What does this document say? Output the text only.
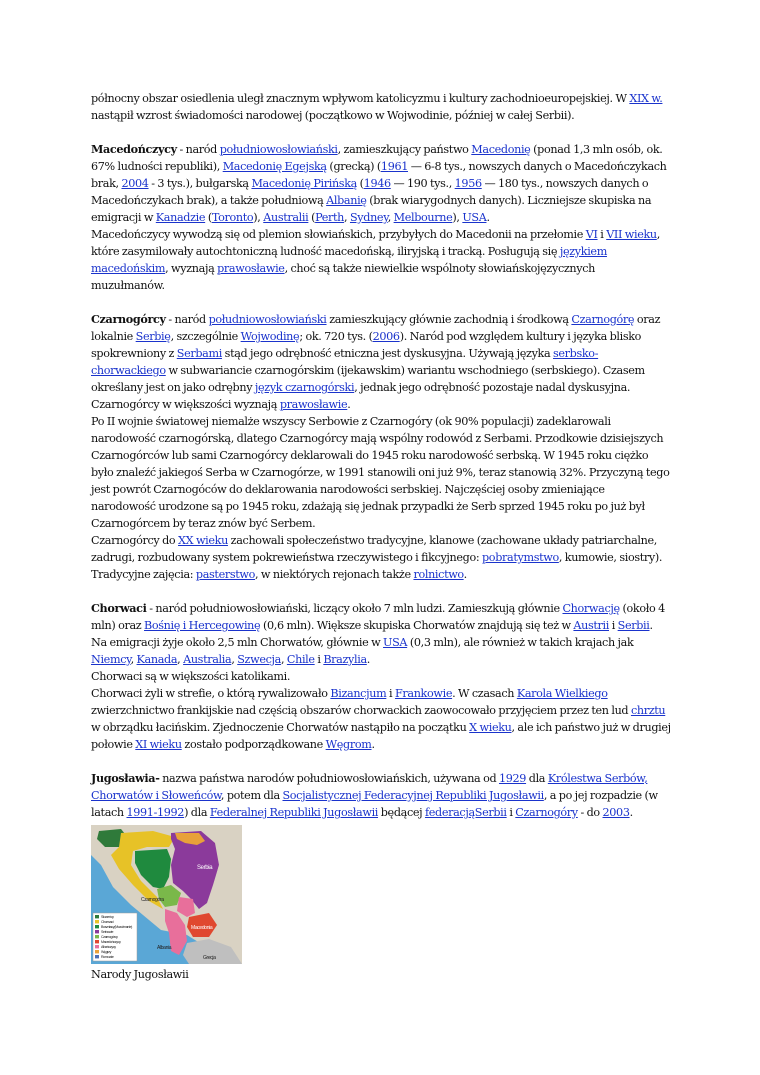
północny obszar osiedlenia uległ znacznym wpływom katolicyzmu i kultury zachodnioeuropejskiej. W XIX w. nastąpił wzrost świadomości narodowej (początkowo w Wojwodinie, później w całej Serbii).

Macedończycy - naród południowosłowiański, zamieszkujący państwo Macedonię (ponad 1,3 mln osób, ok. 67% ludności republiki), Macedonię Egejską (grecką) (1961 — 6-8 tys., nowszych danych o Macedończykach brak, 2004 - 3 tys.), bułgarską Macedonię Pirińską (1946 — 190 tys., 1956 — 180 tys., nowszych danych o Macedończykach brak), a także południową Albanię (brak wiarygodnych danych). Liczniejsze skupiska na emigracji w Kanadzie (Toronto), Australii (Perth, Sydney, Melbourne), USA.

Macedończycy wywodzą się od plemion słowiańskich, przybyłych do Macedonii na przełomie VI i VII wieku, które zasymilowały autochtoniczną ludność macedońską, iliryjską i tracką. Posługują się językiem macedońskim, wyznają prawosławie, choć są także niewielkie wspólnoty słowiańskojęzycznych muzułmanów.

Czarnogórcy - naród południowosłowiański zamieszkujący głównie zachodnią i środkową Czarnogórę oraz lokalnie Serbię, szczególnie Wojwodinę; ok. 720 tys. (2006). Naród pod względem kultury i języka blisko spokrewniony z Serbami stąd jego odrębność etniczna jest dyskusyjna. Używają języka serbsko-chorwackiego w subwariancie czarnogórskim (ijekawskim) wariantu wschodniego (serbskiego). Czasem określany jest on jako odrębny język czarnogórski, jednak jego odrębność pozostaje nadal dyskusyjna. Czarnogórcy w większości wyznają prawosławie.

Po II wojnie światowej niemalże wszyscy Serbowie z Czarnogóry (ok 90% populacji) zadeklarowali narodowość czarnogórską, dlatego Czarnogórcy mają wspólny rodowód z Serbami. Przodkowie dzisiejszych Czarnogórców lub sami Czarnogórcy deklarowali do 1945 roku narodowość serbską. W 1945 roku ciężko było znaleźć jakiegoś Serba w Czarnogórze, w 1991 stanowili oni już 9%, teraz stanowią 32%. Przyczyną tego jest powrót Czarnogóców do deklarowania narodowości serbskiej. Najczęściej osoby zmieniające narodowość urodzone są po 1945 roku, zdażają się jednak przypadki że Serb sprzed 1945 roku po już był Czarnogórcem by teraz znów być Serbem.

Czarnogórcy do XX wieku zachowali społeczeństwo tradycyjne, klanowe (zachowane układy patriarchalne, zadrugi, rozbudowany system pokrewieństwa rzeczywistego i fikcyjnego: pobratymstwo, kumowie, siostry). Tradycyjne zajęcia: pasterstwo, w niektórych rejonach także rolnictwo.

Chorwaci - naród południowosłowiański, liczący około 7 mln ludzi. Zamieszkują głównie Chorwację (około 4 mln) oraz Bośnię i Hercegowinę (0,6 mln). Większe skupiska Chorwatów znajdują się też w Austrii i Serbii. Na emigracji żyje około 2,5 mln Chorwatów, głównie w USA (0,3 mln), ale również w takich krajach jak Niemcy, Kanada, Australia, Szwecja, Chile i Brazylia.

Chorwaci są w większości katolikami.

Chorwaci żyli w strefie, o którą rywalizowało Bizancjum i Frankowie. W czasach Karola Wielkiego zwierzchnictwo frankijskie nad częścią obszarów chorwackich zaowocowało przyjęciem przez ten lud chrztu w obrządku łacińskim. Zjednoczenie Chorwatów nastąpiło na początku X wieku, ale ich państwo już w drugiej połowie XI wieku zostało podporządkowane Węgrom.

Jugosławia- nazwa państwa narodów południowosłowiańskich, używana od 1929 dla Królestwa Serbów, Chorwatów i Słoweńców, potem dla Socjalistycznej Federacyjnej Republiki Jugosławii, a po jej rozpadzie (w latach 1991-1992) dla Federalnej Republiki Jugosławii będącej federacjąSerbii i Czarnogóry - do 2003.

Serbia
Czarnogóra
Macedonia
Albania
Grecja
Słoweńcy
Chorwaci
Boszniacy (Muzułmanie)
Serbowie
Czarnogórcy
Macedończycy
Albańczycy
Węgrzy
Romowie

Narody Jugosławii
